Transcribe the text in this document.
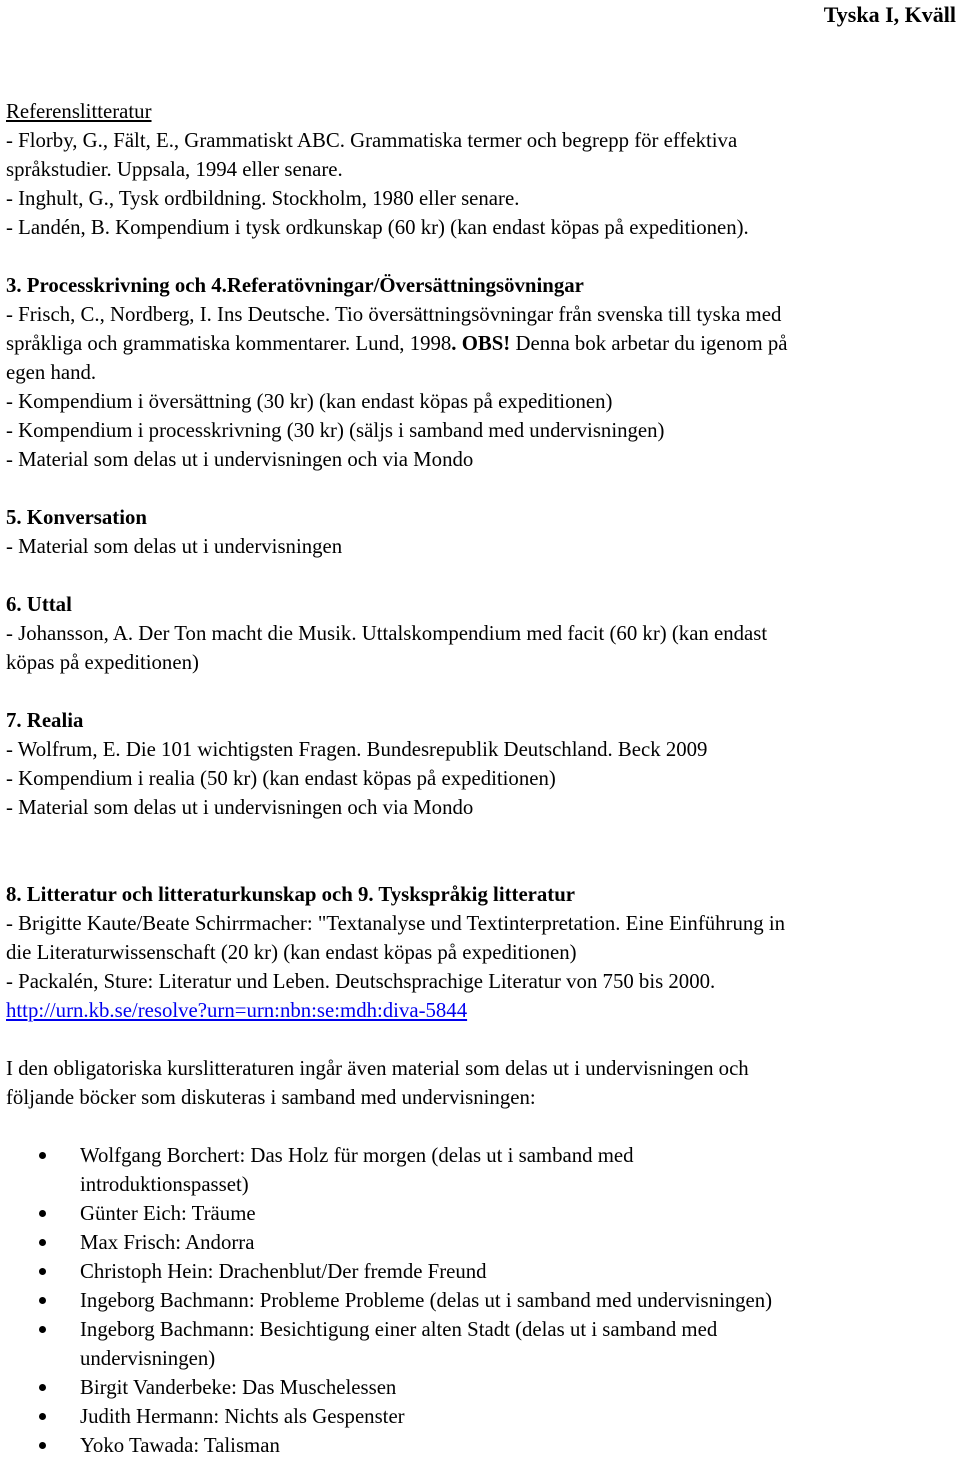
Tyska I, Kväll
Referenslitteratur
- Florby, G., Fält, E., Grammatiskt ABC. Grammatiska termer och begrepp för effektiva
språkstudier. Uppsala, 1994 eller senare.
- Inghult, G., Tysk ordbildning. Stockholm, 1980 eller senare.
- Landén, B. Kompendium i tysk ordkunskap (60 kr) (kan endast köpas på expeditionen).
3. Processkrivning och 4.Referatövningar/Översättningsövningar
- Frisch, C., Nordberg, I. Ins Deutsche. Tio översättningsövningar från svenska till tyska med
språkliga och grammatiska kommentarer. Lund, 1998. OBS! Denna bok arbetar du igenom på
egen hand.
- Kompendium i översättning (30 kr) (kan endast köpas på expeditionen)
- Kompendium i processkrivning (30 kr) (säljs i samband med undervisningen)
- Material som delas ut i undervisningen och via Mondo
5. Konversation
- Material som delas ut i undervisningen
6. Uttal
- Johansson, A. Der Ton macht die Musik. Uttalskompendium med facit (60 kr) (kan endast
köpas på expeditionen)
7. Realia
- Wolfrum, E. Die 101 wichtigsten Fragen. Bundesrepublik Deutschland. Beck 2009
- Kompendium i realia (50 kr) (kan endast köpas på expeditionen)
- Material som delas ut i undervisningen och via Mondo
8. Litteratur och litteraturkunskap och 9. Tyskspråkig litteratur
- Brigitte Kaute/Beate Schirrmacher: "Textanalyse und Textinterpretation. Eine Einführung in
die Literaturwissenschaft (20 kr) (kan endast köpas på expeditionen)
- Packalén, Sture: Literatur und Leben. Deutschsprachige Literatur von 750 bis 2000.
http://urn.kb.se/resolve?urn=urn:nbn:se:mdh:diva-5844
I den obligatoriska kurslitteraturen ingår även material som delas ut i undervisningen och
följande böcker som diskuteras i samband med undervisningen:
Wolfgang Borchert: Das Holz für morgen (delas ut i samband med
introduktionspasset)
Günter Eich: Träume
Max Frisch: Andorra
Christoph Hein: Drachenblut/Der fremde Freund
Ingeborg Bachmann: Probleme Probleme (delas ut i samband med undervisningen)
Ingeborg Bachmann: Besichtigung einer alten Stadt (delas ut i samband med
undervisningen)
Birgit Vanderbeke: Das Muschelessen
Judith Hermann: Nichts als Gespenster
Yoko Tawada: Talisman
